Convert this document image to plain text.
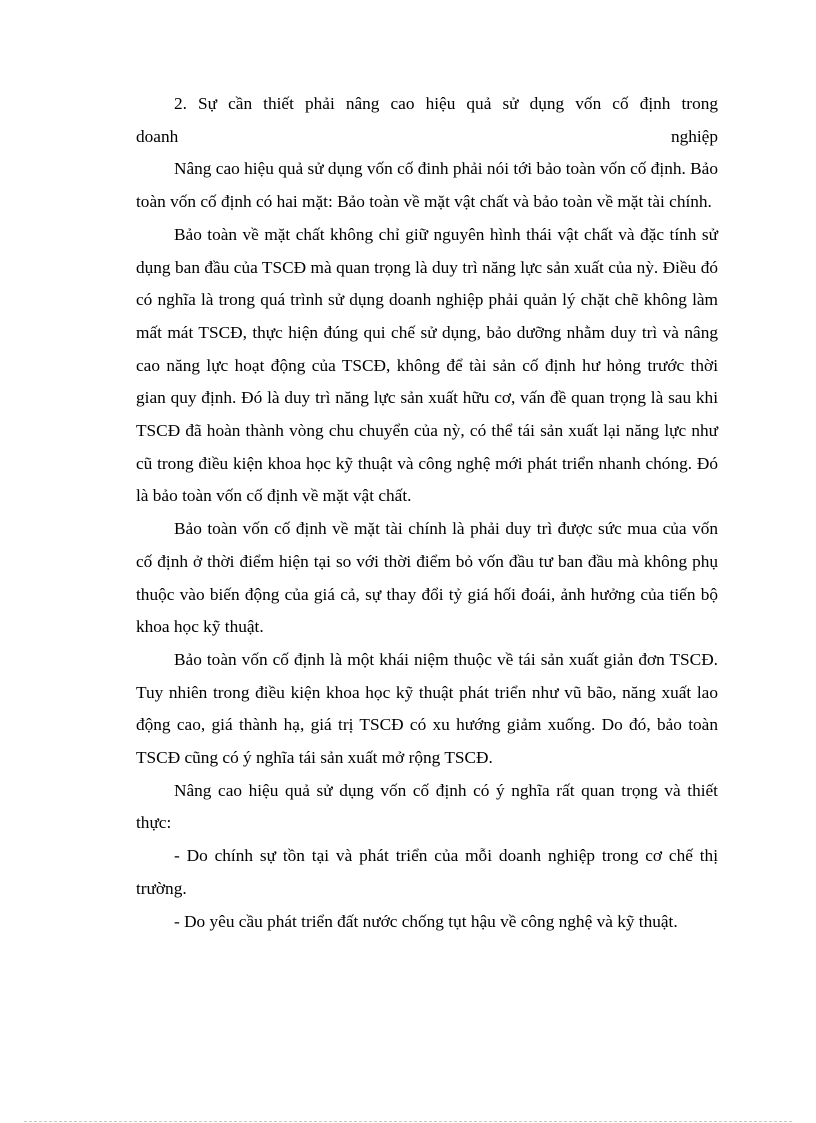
2. Sự cần thiết phải nâng cao hiệu quả sử dụng vốn cố định trong
doanh nghiệp

Nâng cao hiệu quả sử dụng vốn cố đinh phải nói tới bảo toàn vốn cố định. Bảo toàn vốn cố định có hai mặt: Bảo toàn về mặt vật chất và bảo toàn về mặt tài chính.

Bảo toàn về mặt chất không chỉ giữ nguyên hình thái vật chất và đặc tính sử dụng ban đầu của TSCĐ mà quan trọng là duy trì năng lực sản xuất của nỳ. Điều đó có nghĩa là trong quá trình sử dụng doanh nghiệp phải quản lý chặt chẽ không làm mất mát TSCĐ, thực hiện đúng qui chế sử dụng, bảo dưỡng nhằm duy trì và nâng cao năng lực hoạt động của TSCĐ, không để tài sản cố định hư hỏng trước thời gian quy định. Đó là duy trì năng lực sản xuất hữu cơ, vấn đề quan trọng là sau khi TSCĐ đã hoàn thành vòng chu chuyển của nỳ, có thể tái sản xuất lại năng lực như cũ trong điều kiện khoa học kỹ thuật và công nghệ mới phát triển nhanh chóng. Đó là bảo toàn vốn cố định về mặt vật chất.

Bảo toàn vốn cố định về mặt tài chính là phải duy trì được sức mua của vốn cố định ở thời điểm hiện tại so với thời điểm bỏ vốn đầu tư ban đầu mà không phụ thuộc vào biến động của giá cả, sự thay đổi tỷ giá hối đoái, ảnh hưởng của tiến bộ khoa học kỹ thuật.

Bảo toàn vốn cố định là một khái niệm thuộc về tái sản xuất giản đơn TSCĐ. Tuy nhiên trong điều kiện khoa học kỹ thuật phát triển như vũ bão, năng xuất lao động cao, giá thành hạ, giá trị TSCĐ có xu hướng giảm xuống. Do đó, bảo toàn TSCĐ cũng có ý nghĩa tái sản xuất mở rộng TSCĐ.

Nâng cao hiệu quả sử dụng vốn cố định có ý nghĩa rất quan trọng và thiết thực:

- Do chính sự tồn tại và phát triển của mỗi doanh nghiệp trong cơ chế thị trường.

- Do yêu cầu phát triển đất nước chống tụt hậu về công nghệ và kỹ thuật.
